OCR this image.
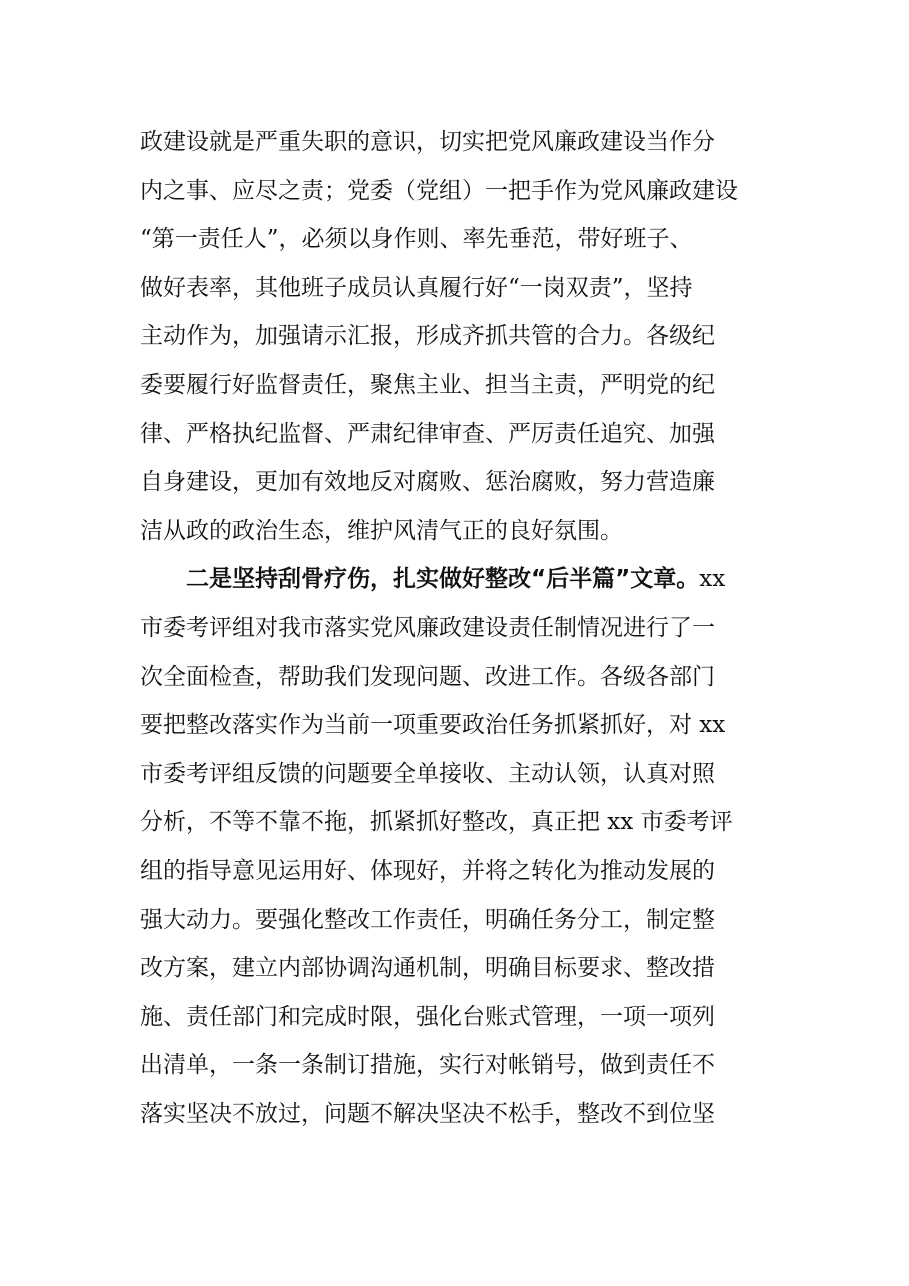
政建设就是严重失职的意识，切实把党风廉政建设当作分
内之事、应尽之责；党委（党组）一把手作为党风廉政建设
“第一责任人”，必须以身作则、率先垂范，带好班子、
做好表率，其他班子成员认真履行好“一岗双责”，坚持
主动作为，加强请示汇报，形成齐抓共管的合力。各级纪
委要履行好监督责任，聚焦主业、担当主责，严明党的纪
律、严格执纪监督、严肃纪律审查、严厉责任追究、加强
自身建设，更加有效地反对腐败、惩治腐败，努力营造廉
洁从政的政治生态，维护风清气正的良好氛围。
二是坚持刮骨疗伤，扎实做好整改“后半篇”文章。xx
市委考评组对我市落实党风廉政建设责任制情况进行了一
次全面检查，帮助我们发现问题、改进工作。各级各部门
要把整改落实作为当前一项重要政治任务抓紧抓好，对 xx
市委考评组反馈的问题要全单接收、主动认领，认真对照
分析，不等不靠不拖，抓紧抓好整改，真正把 xx 市委考评
组的指导意见运用好、体现好，并将之转化为推动发展的
强大动力。要强化整改工作责任，明确任务分工，制定整
改方案，建立内部协调沟通机制，明确目标要求、整改措
施、责任部门和完成时限，强化台账式管理，一项一项列
出清单，一条一条制订措施，实行对帐销号，做到责任不
落实坚决不放过，问题不解决坚决不松手，整改不到位坚
